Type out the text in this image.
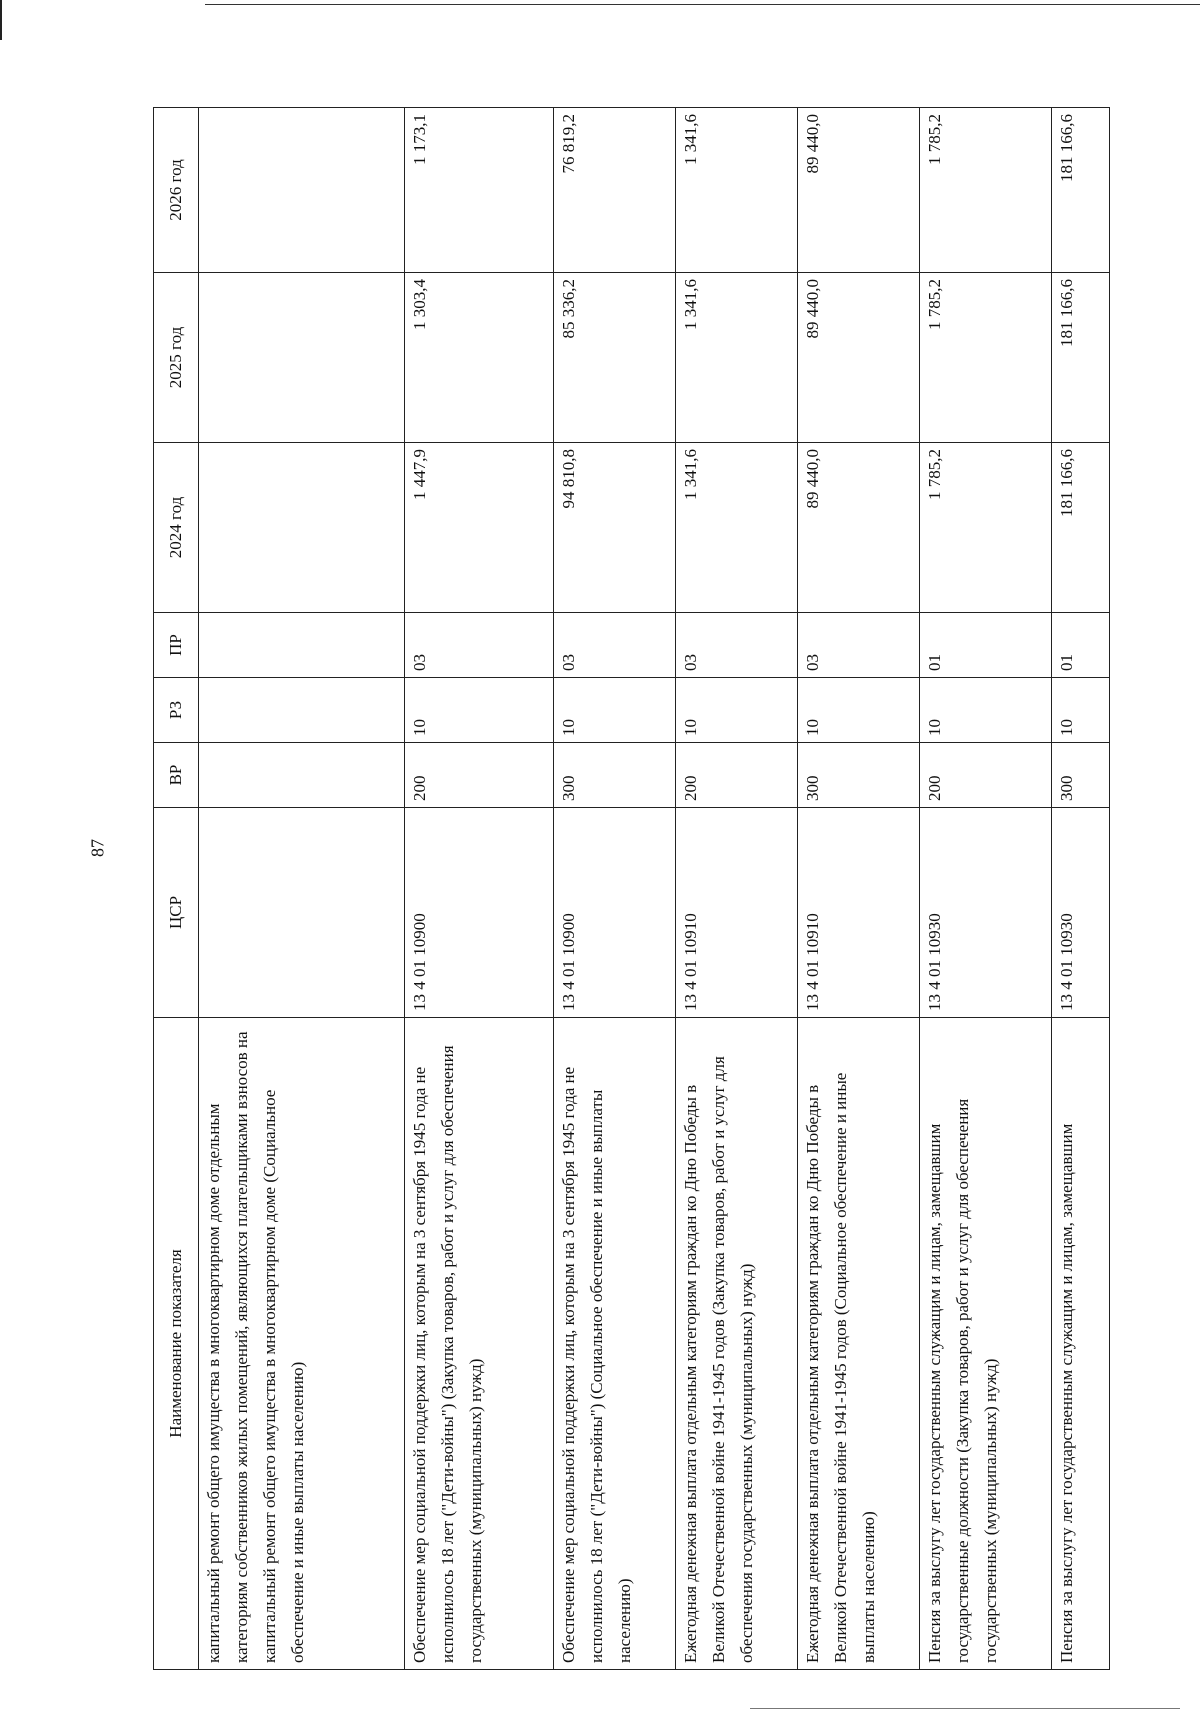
87
Наименование показателя	ЦСР	ВР	РЗ	ПР	2024 год	2025 год	2026 год
капитальный ремонт общего имущества в многоквартирном доме отдельным категориям собственников жилых помещений, являющихся плательщиками взносов на капитальный ремонт общего имущества в многоквартирном доме (Социальное обеспечение и иные выплаты населению)							
Обеспечение мер социальной поддержки лиц, которым на 3 сентября 1945 года не исполнилось 18 лет ("Дети-войны") (Закупка товаров, работ и услуг для обеспечения государственных (муниципальных) нужд)	13 4 01 10900	200	10	03	1 447,9	1 303,4	1 173,1
Обеспечение мер социальной поддержки лиц, которым на 3 сентября 1945 года не исполнилось 18 лет ("Дети-войны") (Социальное обеспечение и иные выплаты населению)	13 4 01 10900	300	10	03	94 810,8	85 336,2	76 819,2
Ежегодная денежная выплата отдельным категориям граждан ко Дню Победы в Великой Отечественной войне 1941-1945 годов (Закупка товаров, работ и услуг для обеспечения государственных (муниципальных) нужд)	13 4 01 10910	200	10	03	1 341,6	1 341,6	1 341,6
Ежегодная денежная выплата отдельным категориям граждан ко Дню Победы в Великой Отечественной войне 1941-1945 годов (Социальное обеспечение и иные выплаты населению)	13 4 01 10910	300	10	03	89 440,0	89 440,0	89 440,0
Пенсия за выслугу лет государственным служащим и лицам, замещавшим государственные должности (Закупка товаров, работ и услуг для обеспечения государственных (муниципальных) нужд)	13 4 01 10930	200	10	01	1 785,2	1 785,2	1 785,2
Пенсия за выслугу лет государственным служащим и лицам, замещавшим	13 4 01 10930	300	10	01	181 166,6	181 166,6	181 166,6
